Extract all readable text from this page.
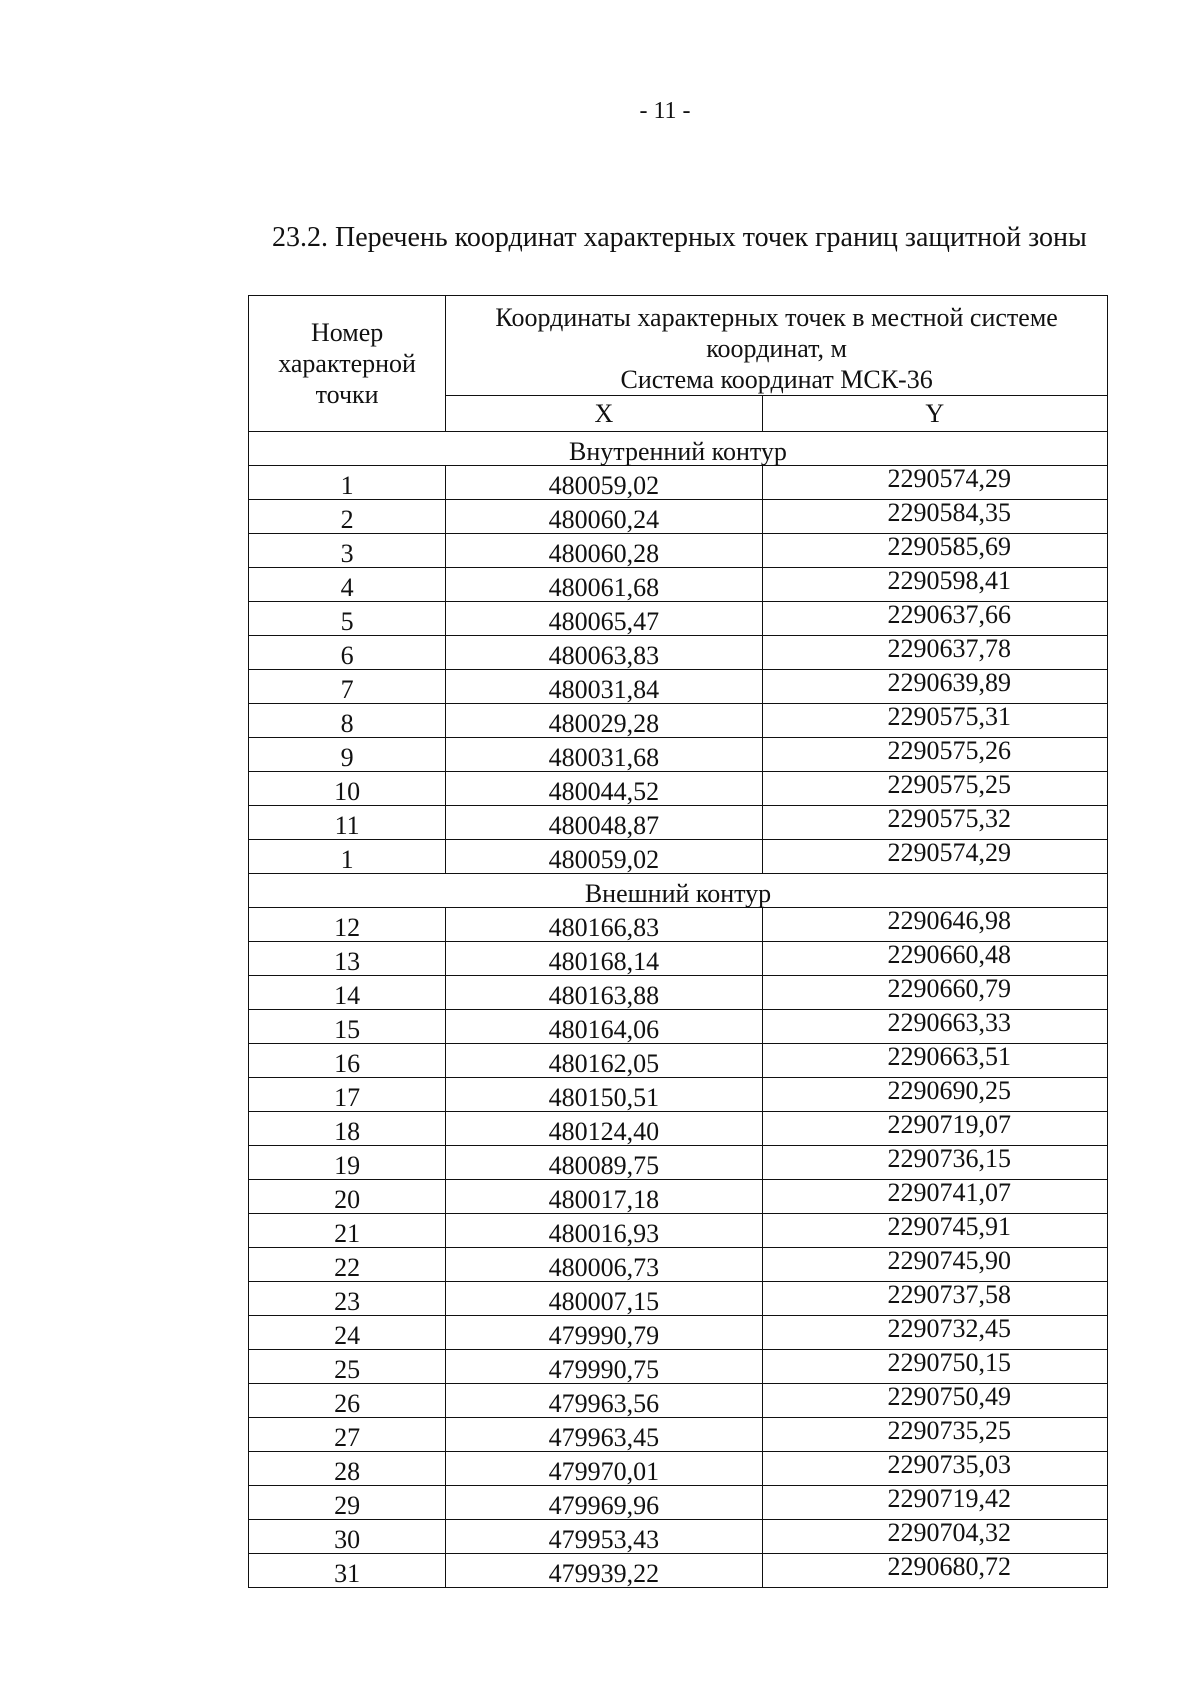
- 11 -
23.2. Перечень координат характерных точек границ защитной зоны
Номер характерной точки	Координаты характерных точек в местной системе координат, м
Система координат МСК-36	
	X	Y
Внутренний контур		
1	480059,02	2290574,29
2	480060,24	2290584,35
3	480060,28	2290585,69
4	480061,68	2290598,41
5	480065,47	2290637,66
6	480063,83	2290637,78
7	480031,84	2290639,89
8	480029,28	2290575,31
9	480031,68	2290575,26
10	480044,52	2290575,25
11	480048,87	2290575,32
1	480059,02	2290574,29
Внешний контур		
12	480166,83	2290646,98
13	480168,14	2290660,48
14	480163,88	2290660,79
15	480164,06	2290663,33
16	480162,05	2290663,51
17	480150,51	2290690,25
18	480124,40	2290719,07
19	480089,75	2290736,15
20	480017,18	2290741,07
21	480016,93	2290745,91
22	480006,73	2290745,90
23	480007,15	2290737,58
24	479990,79	2290732,45
25	479990,75	2290750,15
26	479963,56	2290750,49
27	479963,45	2290735,25
28	479970,01	2290735,03
29	479969,96	2290719,42
30	479953,43	2290704,32
31	479939,22	2290680,72
